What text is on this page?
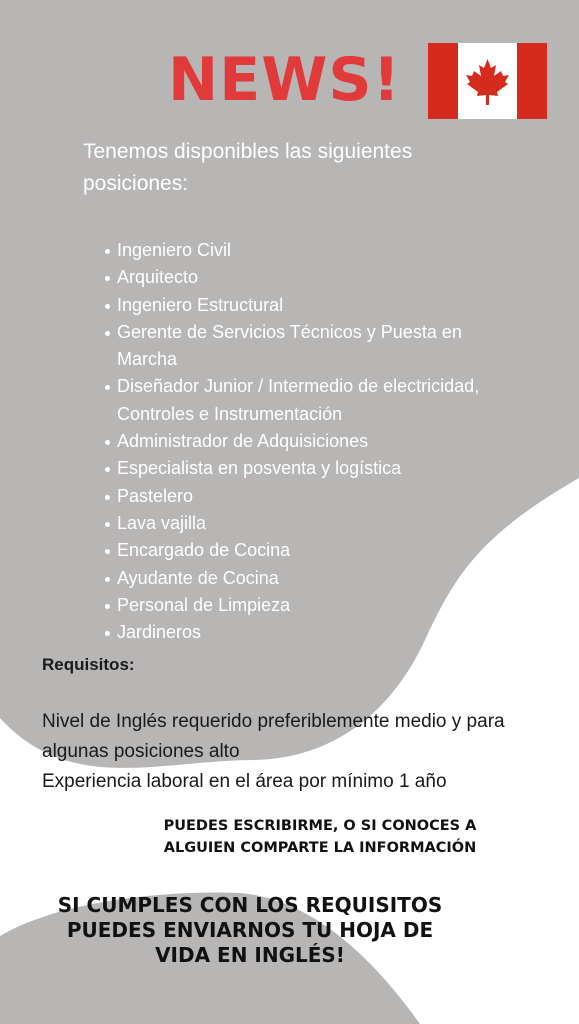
NEWS!

Tenemos disponibles las siguientes
posiciones:

Ingeniero Civil
Arquitecto
Ingeniero Estructural
Gerente de Servicios Técnicos y Puesta en Marcha
Diseñador Junior / Intermedio de electricidad, Controles e Instrumentación
Administrador de Adquisiciones
Especialista en posventa y logística
Pastelero
Lava vajilla
Encargado de Cocina
Ayudante de Cocina
Personal de Limpieza
Jardineros
Requisitos:

Nivel de Inglés requerido preferiblemente medio y para algunas posiciones alto

Experiencia laboral en el área por mínimo 1 año

PUEDES ESCRIBIRME, O SI CONOCES A
ALGUIEN COMPARTE LA INFORMACIÓN

SI CUMPLES CON LOS REQUISITOS
PUEDES ENVIARNOS TU HOJA DE
VIDA EN INGLÉS!
